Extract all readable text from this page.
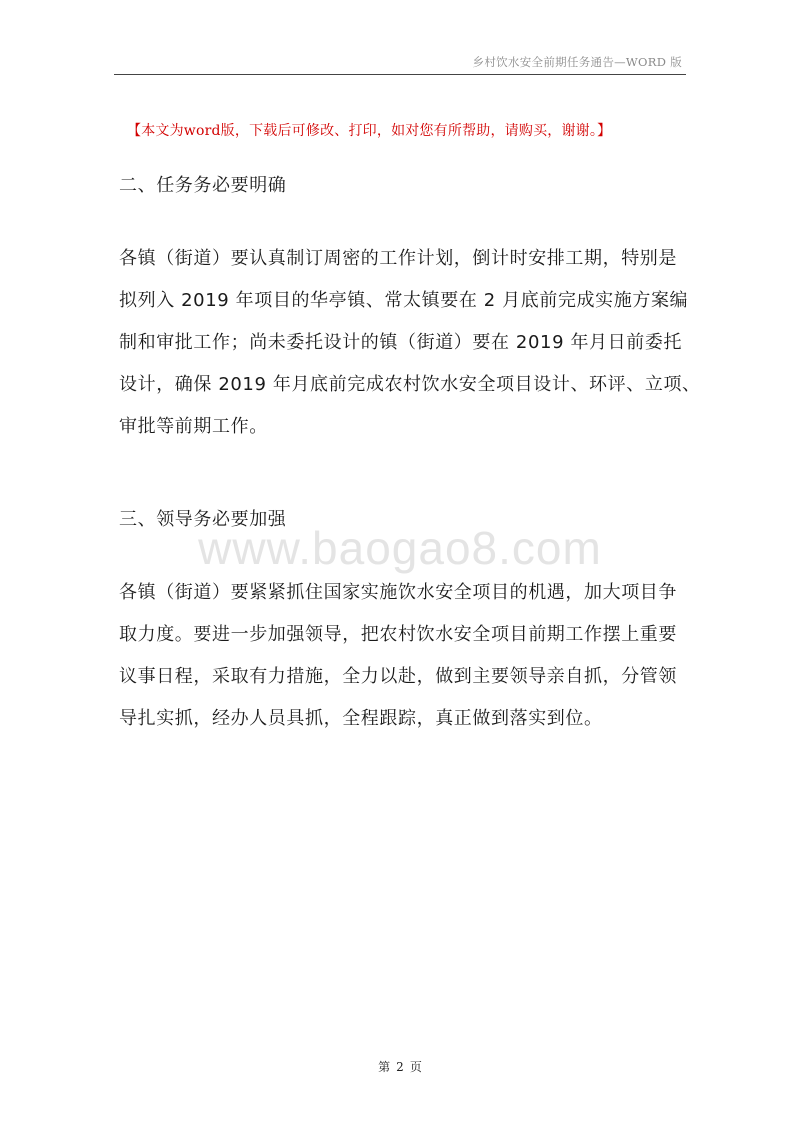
乡村饮水安全前期任务通告—WORD 版
【本文为word版，下载后可修改、打印，如对您有所帮助，请购买，谢谢。】
二、任务务必要明确
各镇（街道）要认真制订周密的工作计划，倒计时安排工期，特别是
拟列入 2019 年项目的华亭镇、常太镇要在 2 月底前完成实施方案编
制和审批工作；尚未委托设计的镇（街道）要在 2019 年月日前委托
设计，确保 2019 年月底前完成农村饮水安全项目设计、环评、立项、
审批等前期工作。
三、领导务必要加强
www.baogao8.com
各镇（街道）要紧紧抓住国家实施饮水安全项目的机遇，加大项目争
取力度。要进一步加强领导，把农村饮水安全项目前期工作摆上重要
议事日程，采取有力措施，全力以赴，做到主要领导亲自抓，分管领
导扎实抓，经办人员具抓，全程跟踪，真正做到落实到位。
第 2 页
